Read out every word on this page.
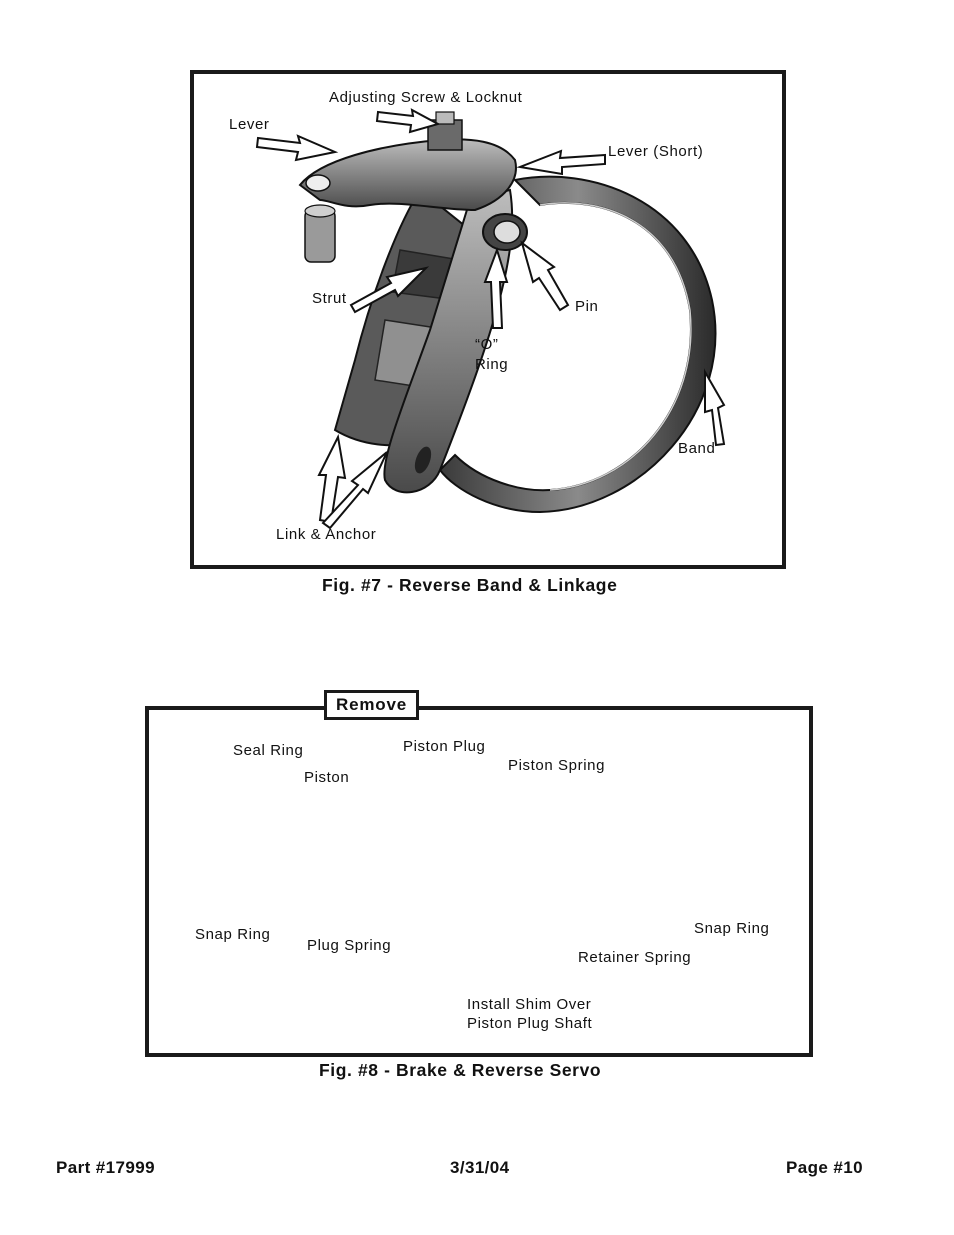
Adjusting Screw & Locknut
Lever
Lever (Short)
Strut	Pin
“O”
Ring
Band
Link & Anchor
Fig. #7 - Reverse Band & Linkage
Remove
Seal Ring
Piston
Piston Plug
Piston Spring
Snap Ring
Plug Spring
Retainer Spring
Snap Ring
Install Shim Over
Piston Plug Shaft
Fig. #8 - Brake & Reverse Servo
Part #17999	3/31/04	Page #10
